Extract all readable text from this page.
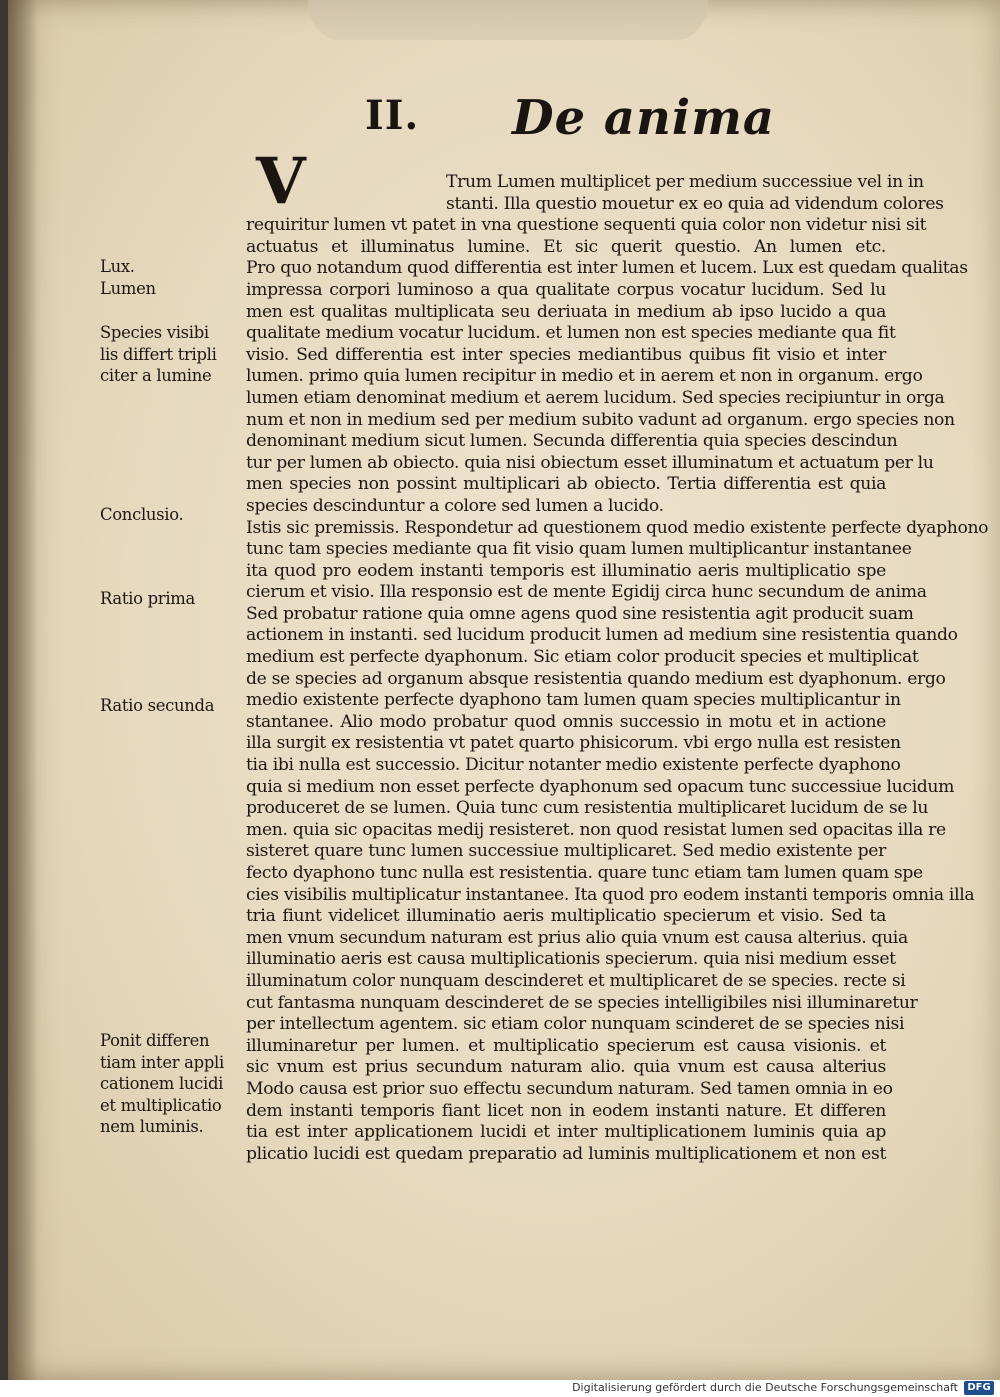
II. De anima
V	Trum Lumen multiplicet per medium successiue vel in in
stanti. Illa questio mouetur ex eo quia ad videndum colores
requiritur lumen vt patet in vna questione sequenti quia color non videtur nisi sit
actuatus et illuminatus lumine. Et sic querit questio. An lumen etc.
Pro quo notandum quod differentia est inter lumen et lucem. Lux est quedam qualitas
impressa corpori luminoso a qua qualitate corpus vocatur lucidum. Sed lu
men est qualitas multiplicata seu deriuata in medium ab ipso lucido a qua
qualitate medium vocatur lucidum. et lumen non est species mediante qua fit
visio. Sed differentia est inter species mediantibus quibus fit visio et inter
lumen. primo quia lumen recipitur in medio et in aerem et non in organum. ergo
lumen etiam denominat medium et aerem lucidum. Sed species recipiuntur in orga
num et non in medium sed per medium subito vadunt ad organum. ergo species non
denominant medium sicut lumen. Secunda differentia quia species descindun
tur per lumen ab obiecto. quia nisi obiectum esset illuminatum et actuatum per lu
men species non possint multiplicari ab obiecto. Tertia differentia est quia
species descinduntur a colore sed lumen a lucido.
Istis sic premissis. Respondetur ad questionem quod medio existente perfecte dyaphono
tunc tam species mediante qua fit visio quam lumen multiplicantur instantanee
ita quod pro eodem instanti temporis est illuminatio aeris multiplicatio spe
cierum et visio. Illa responsio est de mente Egidij circa hunc secundum de anima
Sed probatur ratione quia omne agens quod sine resistentia agit producit suam
actionem in instanti. sed lucidum producit lumen ad medium sine resistentia quando
medium est perfecte dyaphonum. Sic etiam color producit species et multiplicat
de se species ad organum absque resistentia quando medium est dyaphonum. ergo
medio existente perfecte dyaphono tam lumen quam species multiplicantur in
stantanee. Alio modo probatur quod omnis successio in motu et in actione
illa surgit ex resistentia vt patet quarto phisicorum. vbi ergo nulla est resisten
tia ibi nulla est successio. Dicitur notanter medio existente perfecte dyaphono
quia si medium non esset perfecte dyaphonum sed opacum tunc successiue lucidum
produceret de se lumen. Quia tunc cum resistentia multiplicaret lucidum de se lu
men. quia sic opacitas medij resisteret. non quod resistat lumen sed opacitas illa re
sisteret quare tunc lumen successiue multiplicaret. Sed medio existente per
fecto dyaphono tunc nulla est resistentia. quare tunc etiam tam lumen quam spe
cies visibilis multiplicatur instantanee. Ita quod pro eodem instanti temporis omnia illa
tria fiunt videlicet illuminatio aeris multiplicatio specierum et visio. Sed ta
men vnum secundum naturam est prius alio quia vnum est causa alterius. quia
illuminatio aeris est causa multiplicationis specierum. quia nisi medium esset
illuminatum color nunquam descinderet et multiplicaret de se species. recte si
cut fantasma nunquam descinderet de se species intelligibiles nisi illuminaretur
per intellectum agentem. sic etiam color nunquam scinderet de se species nisi
illuminaretur per lumen. et multiplicatio specierum est causa visionis. et
sic vnum est prius secundum naturam alio. quia vnum est causa alterius
Modo causa est prior suo effectu secundum naturam. Sed tamen omnia in eo
dem instanti temporis fiant licet non in eodem instanti nature. Et differen
tia est inter applicationem lucidi et inter multiplicationem luminis quia ap
plicatio lucidi est quedam preparatio ad luminis multiplicationem et non est
Lux.
Lumen
Species visibi
lis differt tripli
citer a lumine
Conclusio.
Ratio prima
Ratio secunda
Ponit differen
tiam inter appli
cationem lucidi
et multiplicatio
nem luminis.
Digitalisierung gefördert durch die Deutsche Forschungsgemeinschaft DFG
